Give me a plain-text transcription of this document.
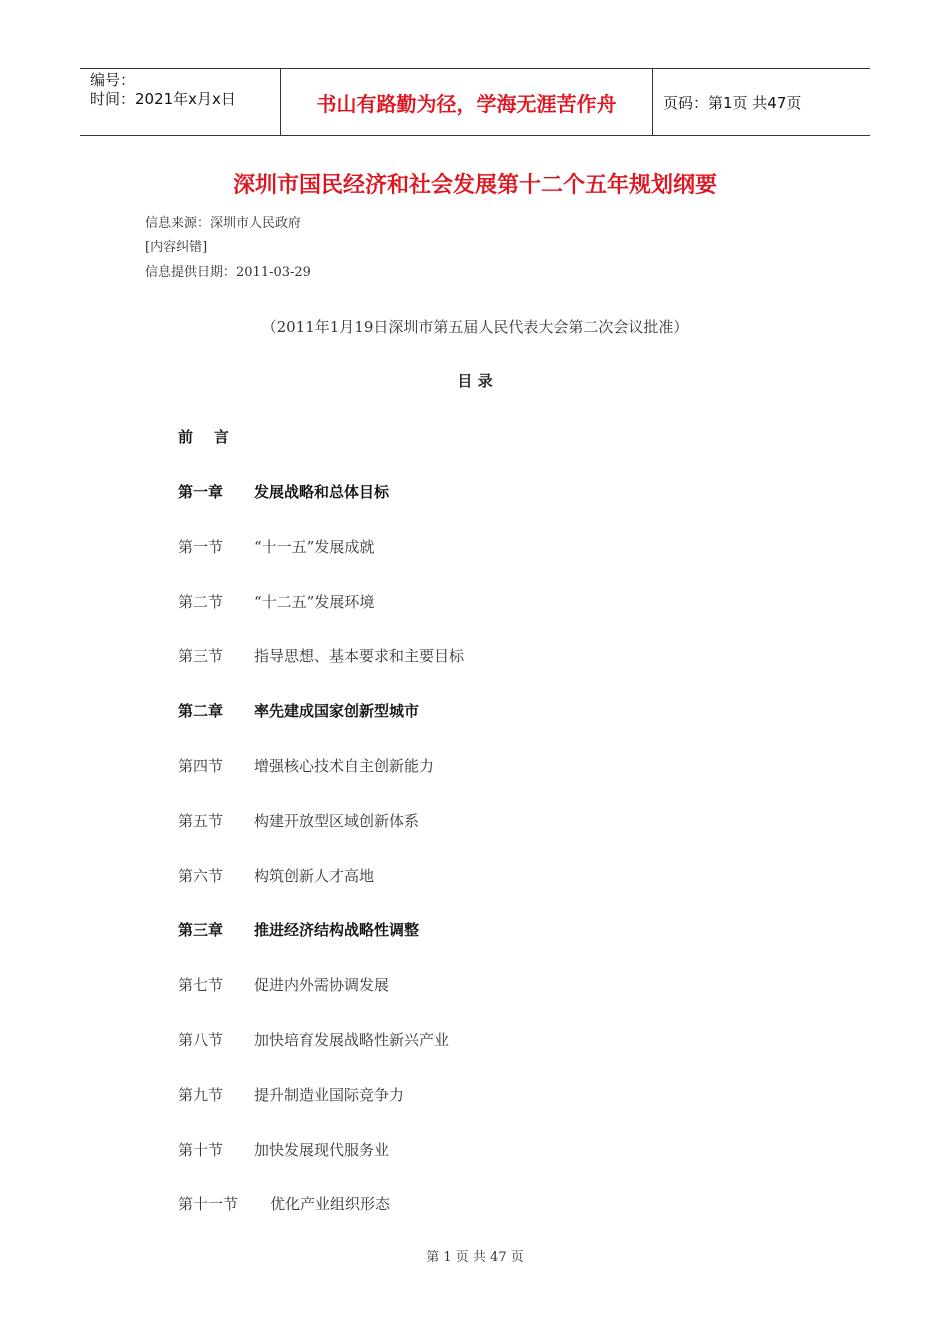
编号：
时间：2021年x月x日	书山有路勤为径，学海无涯苦作舟	页码：第1页 共47页
深圳市国民经济和社会发展第十二个五年规划纲要
信息来源：深圳市人民政府
[内容纠错]
信息提供日期：2011-03-29
（2011年1月19日深圳市第五届人民代表大会第二次会议批准）
目 录
前    言
第一章 发展战略和总体目标
第一节 “十一五”发展成就
第二节 “十二五”发展环境
第三节 指导思想、基本要求和主要目标
第二章 率先建成国家创新型城市
第四节 增强核心技术自主创新能力
第五节 构建开放型区域创新体系
第六节 构筑创新人才高地
第三章 推进经济结构战略性调整
第七节 促进内外需协调发展
第八节 加快培育发展战略性新兴产业
第九节 提升制造业国际竞争力
第十节 加快发展现代服务业
第十一节 优化产业组织形态
第 1 页 共 47 页
